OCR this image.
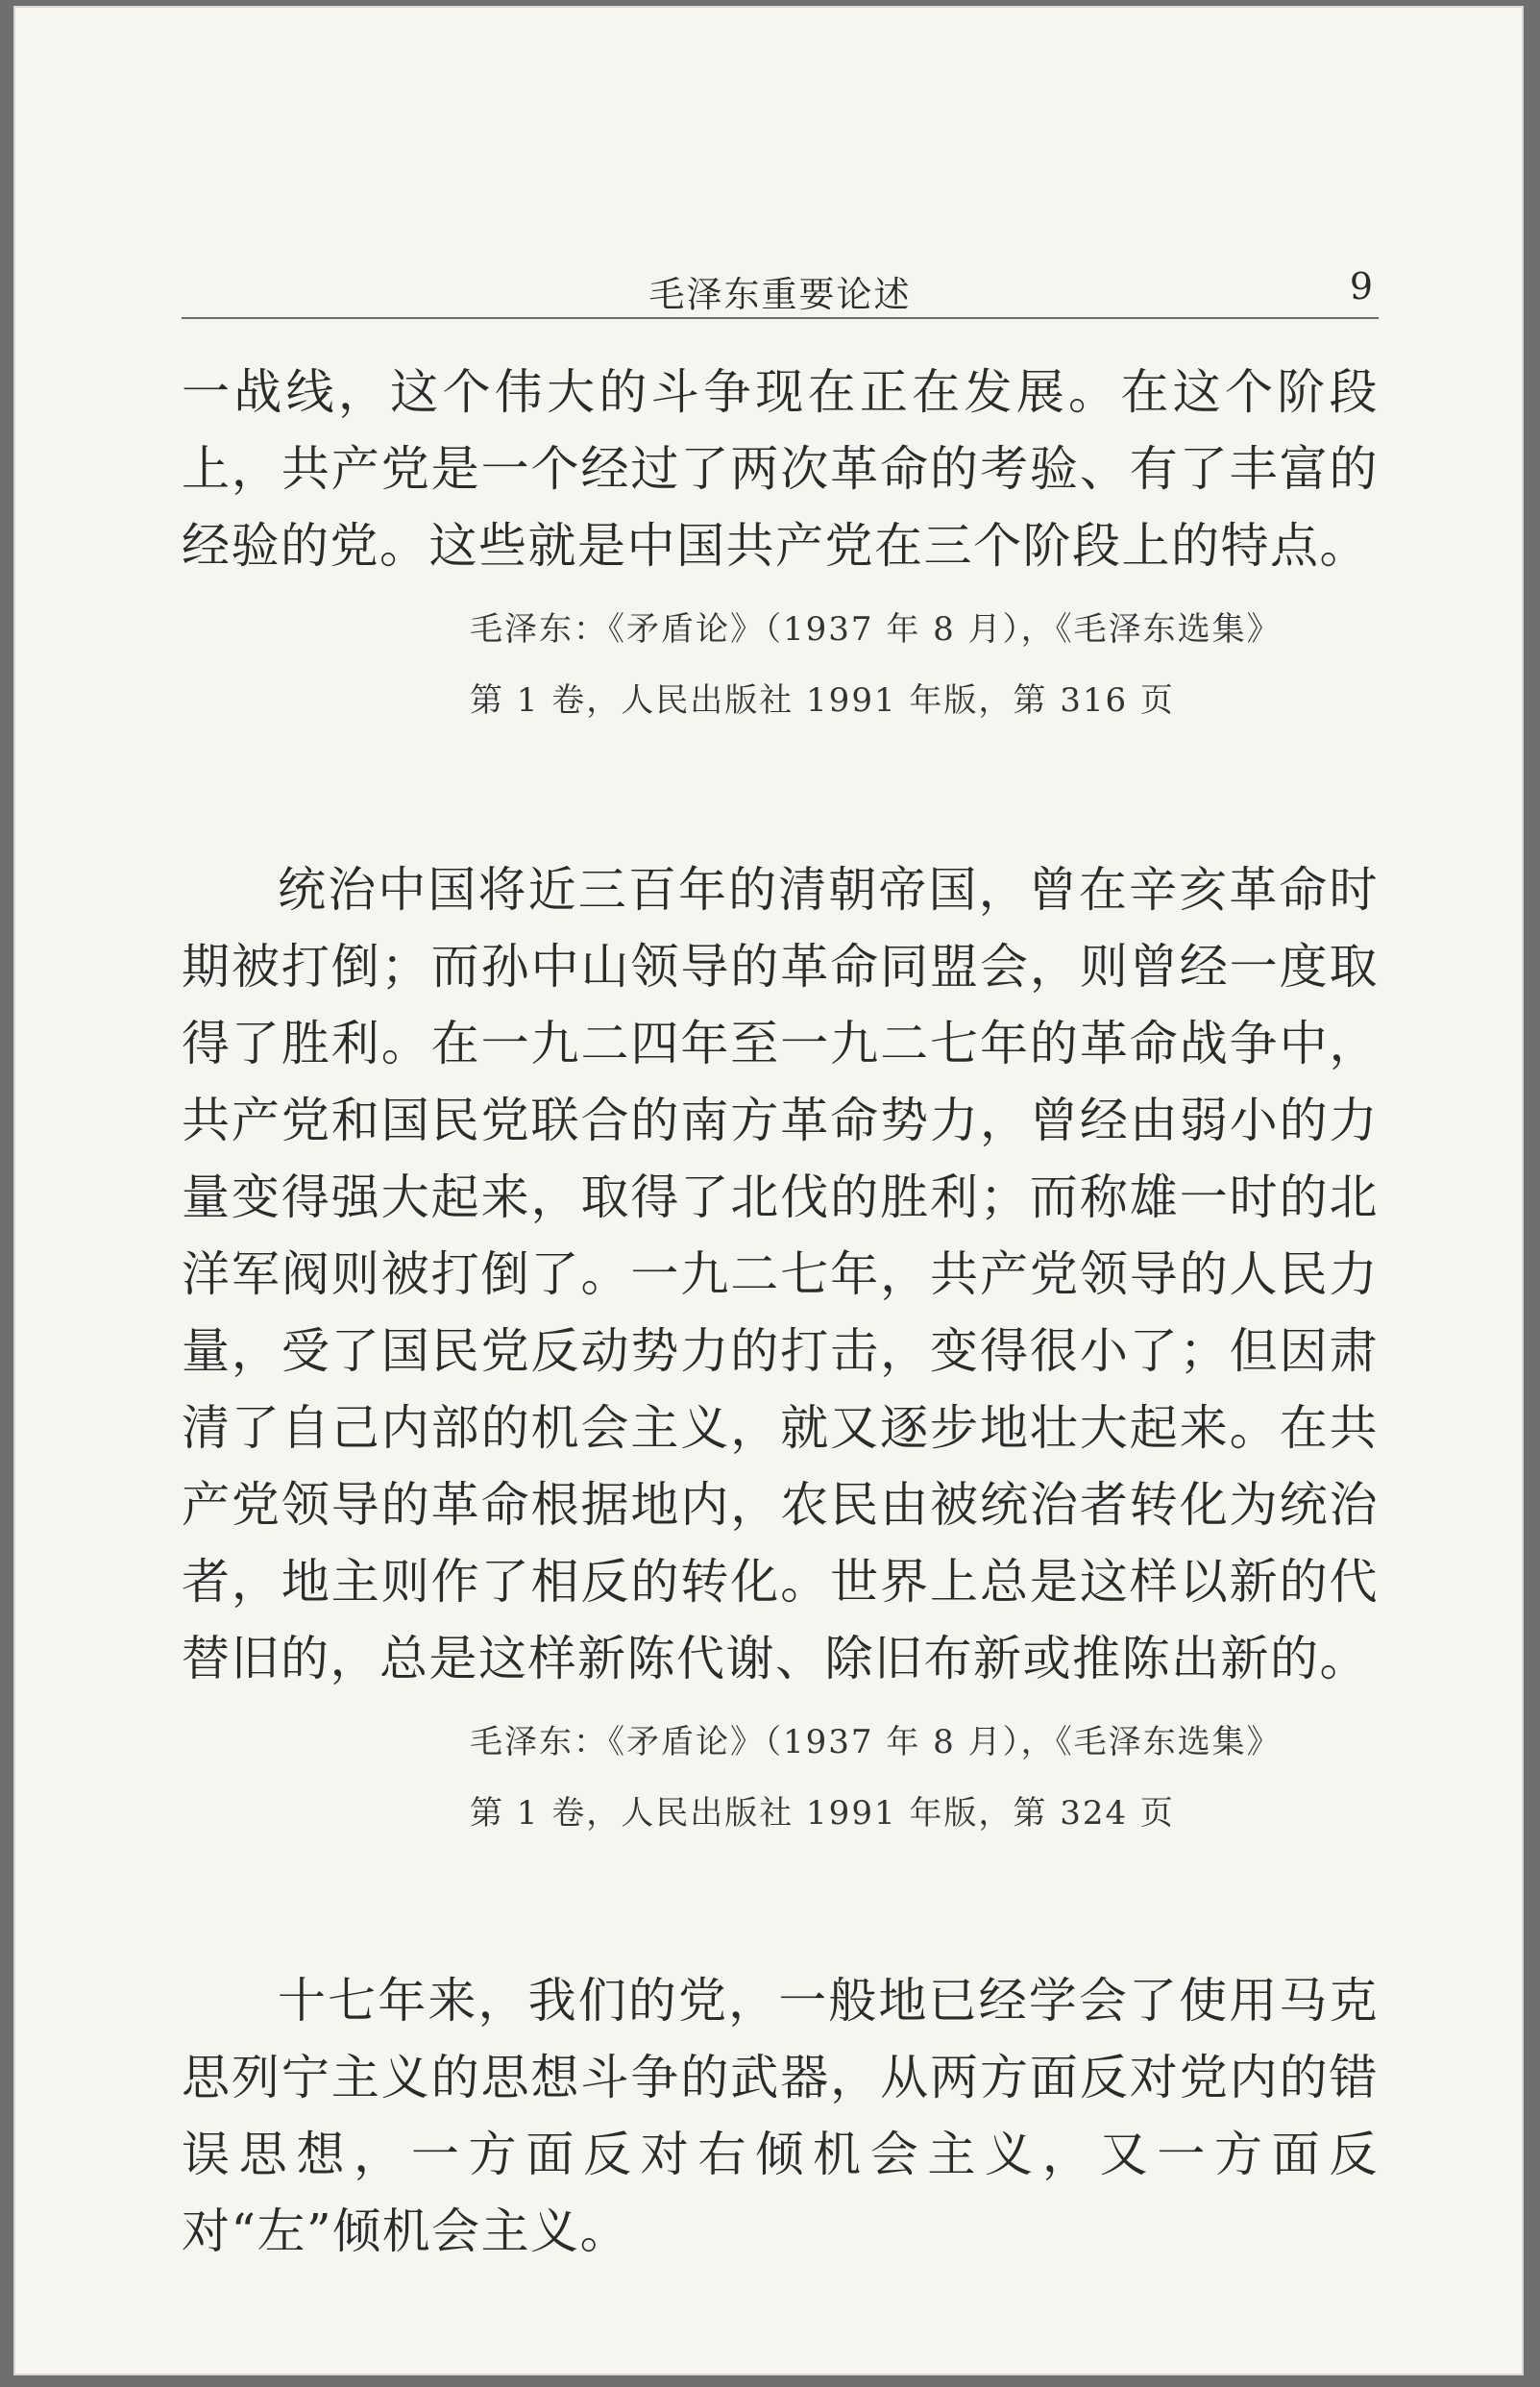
毛泽东重要论述	9

一战线，这个伟大的斗争现在正在发展。在这个阶段上，共产党是一个经过了两次革命的考验、有了丰富的经验的党。这些就是中国共产党在三个阶段上的特点。

毛泽东：《矛盾论》（1937 年 8 月），《毛泽东选集》
第 1 卷，人民出版社 1991 年版，第 316 页

统治中国将近三百年的清朝帝国，曾在辛亥革命时期被打倒；而孙中山领导的革命同盟会，则曾经一度取得了胜利。在一九二四年至一九二七年的革命战争中，共产党和国民党联合的南方革命势力，曾经由弱小的力量变得强大起来，取得了北伐的胜利；而称雄一时的北洋军阀则被打倒了。一九二七年，共产党领导的人民力量，受了国民党反动势力的打击，变得很小了；但因肃清了自己内部的机会主义，就又逐步地壮大起来。在共产党领导的革命根据地内，农民由被统治者转化为统治者，地主则作了相反的转化。世界上总是这样以新的代替旧的，总是这样新陈代谢、除旧布新或推陈出新的。

毛泽东：《矛盾论》（1937 年 8 月），《毛泽东选集》
第 1 卷，人民出版社 1991 年版，第 324 页

十七年来，我们的党，一般地已经学会了使用马克思列宁主义的思想斗争的武器，从两方面反对党内的错误思想，一方面反对右倾机会主义，又一方面反对“左”倾机会主义。
